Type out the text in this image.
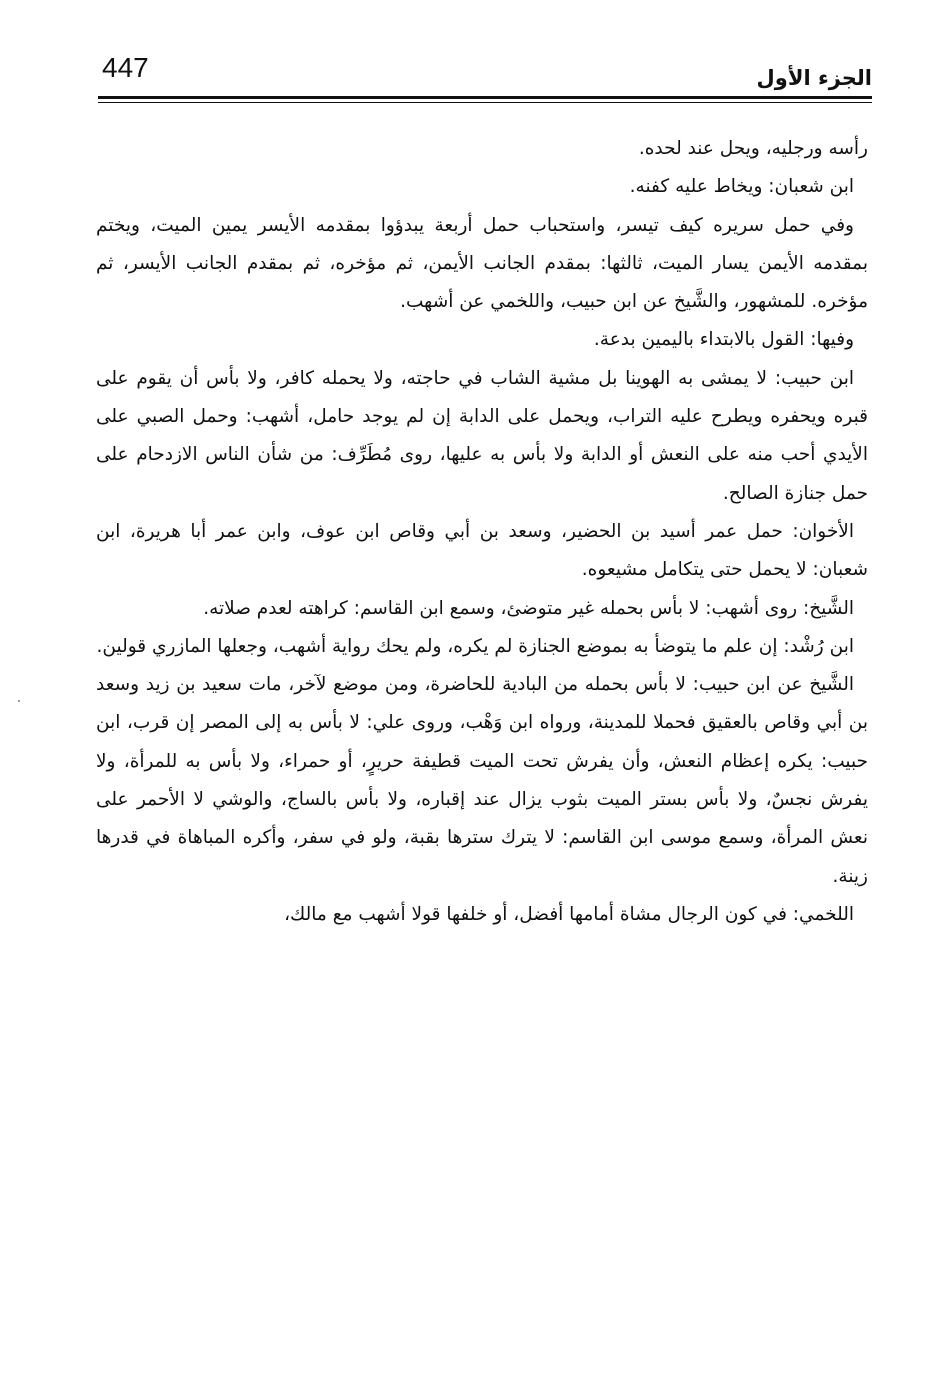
447	الجزء الأول

رأسه ورجليه، ويحل عند لحده.

ابن شعبان: ويخاط عليه كفنه.

وفي حمل سريره كيف تيسر، واستحباب حمل أربعة يبدؤوا بمقدمه الأيسر يمين الميت، ويختم بمقدمه الأيمن يسار الميت، ثالثها: بمقدم الجانب الأيمن، ثم مؤخره، ثم بمقدم الجانب الأيسر، ثم مؤخره. للمشهور، والشَّيخ عن ابن حبيب، واللخمي عن أشهب.

وفيها: القول بالابتداء باليمين بدعة.

ابن حبيب: لا يمشى به الهوينا بل مشية الشاب في حاجته، ولا يحمله كافر، ولا بأس أن يقوم على قبره ويحفره ويطرح عليه التراب، ويحمل على الدابة إن لم يوجد حامل، أشهب: وحمل الصبي على الأيدي أحب منه على النعش أو الدابة ولا بأس به عليها، روى مُطَرِّف: من شأن الناس الازدحام على حمل جنازة الصالح.

الأخوان: حمل عمر أسيد بن الحضير، وسعد بن أبي وقاص ابن عوف، وابن عمر أبا هريرة، ابن شعبان: لا يحمل حتى يتكامل مشيعوه.

الشَّيخ: روى أشهب: لا بأس بحمله غير متوضئ، وسمع ابن القاسم: كراهته لعدم صلاته.

ابن رُشْد: إن علم ما يتوضأ به بموضع الجنازة لم يكره، ولم يحك رواية أشهب، وجعلها المازري قولين.

الشَّيخ عن ابن حبيب: لا بأس بحمله من البادية للحاضرة، ومن موضع لآخر، مات سعيد بن زيد وسعد بن أبي وقاص بالعقيق فحملا للمدينة، ورواه ابن وَهْب، وروى علي: لا بأس به إلى المصر إن قرب، ابن حبيب: يكره إعظام النعش، وأن يفرش تحت الميت قطيفة حريرٍ، أو حمراء، ولا بأس به للمرأة، ولا يفرش نجسٌ، ولا بأس بستر الميت بثوب يزال عند إقباره، ولا بأس بالساج، والوشي لا الأحمر على نعش المرأة، وسمع موسى ابن القاسم: لا يترك سترها بقبة، ولو في سفر، وأكره المباهاة في قدرها زينة.

اللخمي: في كون الرجال مشاة أمامها أفضل، أو خلفها قولا أشهب مع مالك،
